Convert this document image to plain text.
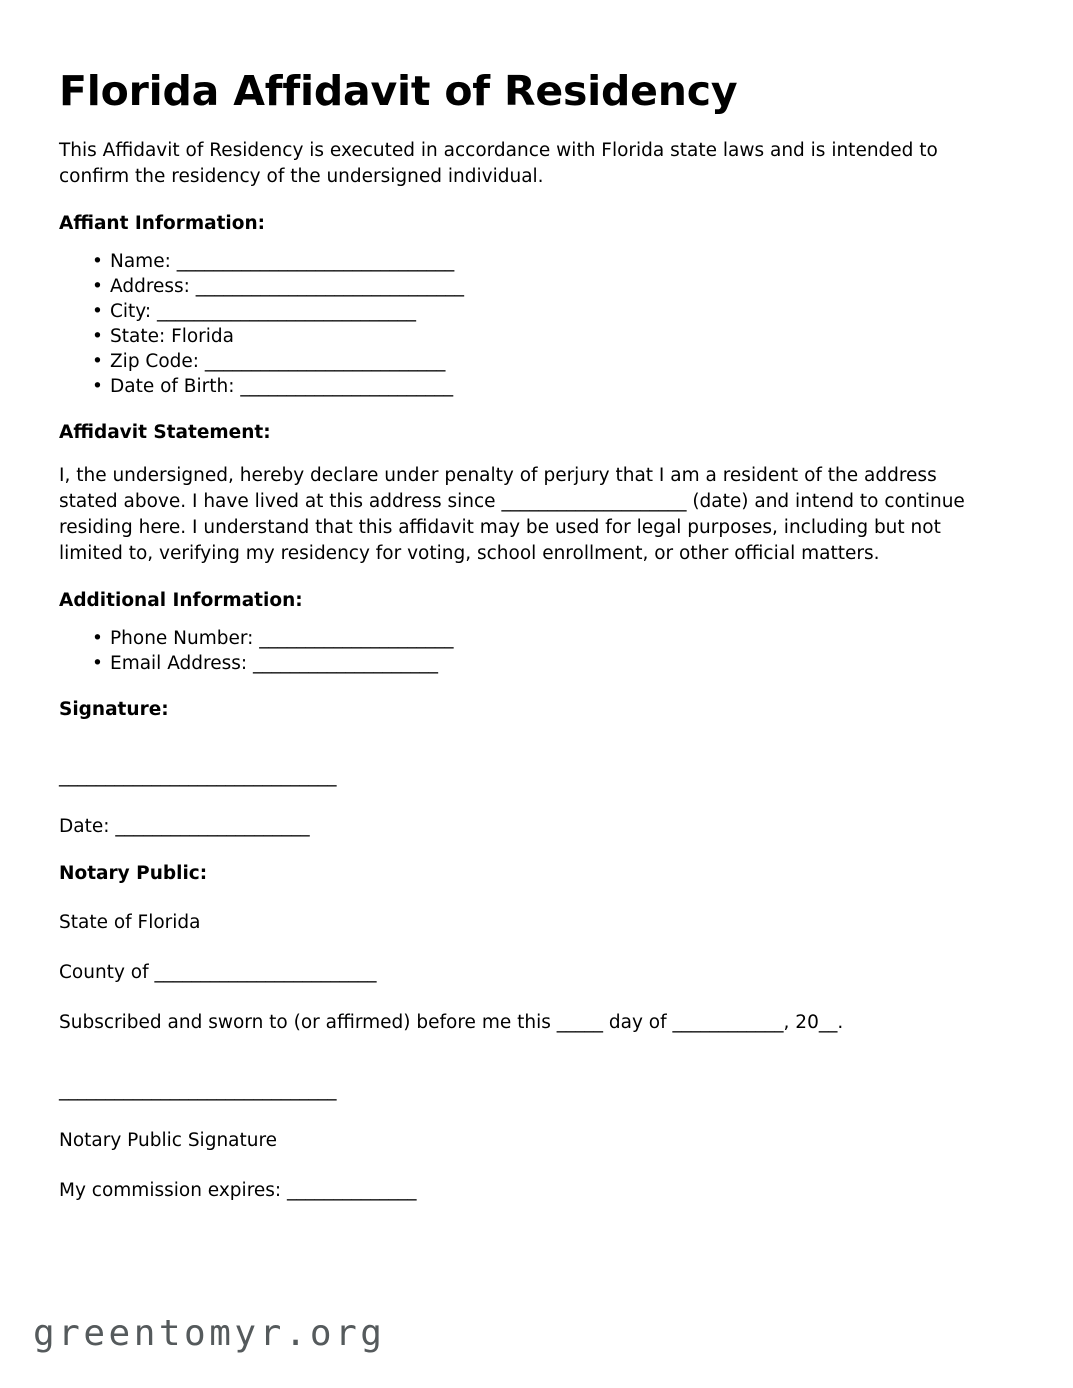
Florida Affidavit of Residency

This Affidavit of Residency is executed in accordance with Florida state laws and is intended to confirm the residency of the undersigned individual.

Affiant Information:
• Name: ______________________________
• Address: _____________________________
• City: ____________________________
• State: Florida
• Zip Code: __________________________
• Date of Birth: _______________________
Affidavit Statement:

I, the undersigned, hereby declare under penalty of perjury that I am a resident of the address stated above. I have lived at this address since ____________________ (date) and intend to continue residing here. I understand that this affidavit may be used for legal purposes, including but not limited to, verifying my residency for voting, school enrollment, or other official matters.

Additional Information:
• Phone Number: _____________________
• Email Address: ____________________
Signature:

______________________________

Date: _____________________

Notary Public:

State of Florida

County of ________________________

Subscribed and sworn to (or affirmed) before me this _____ day of ____________, 20__.

______________________________

Notary Public Signature

My commission expires: ______________

greentomyr.org
